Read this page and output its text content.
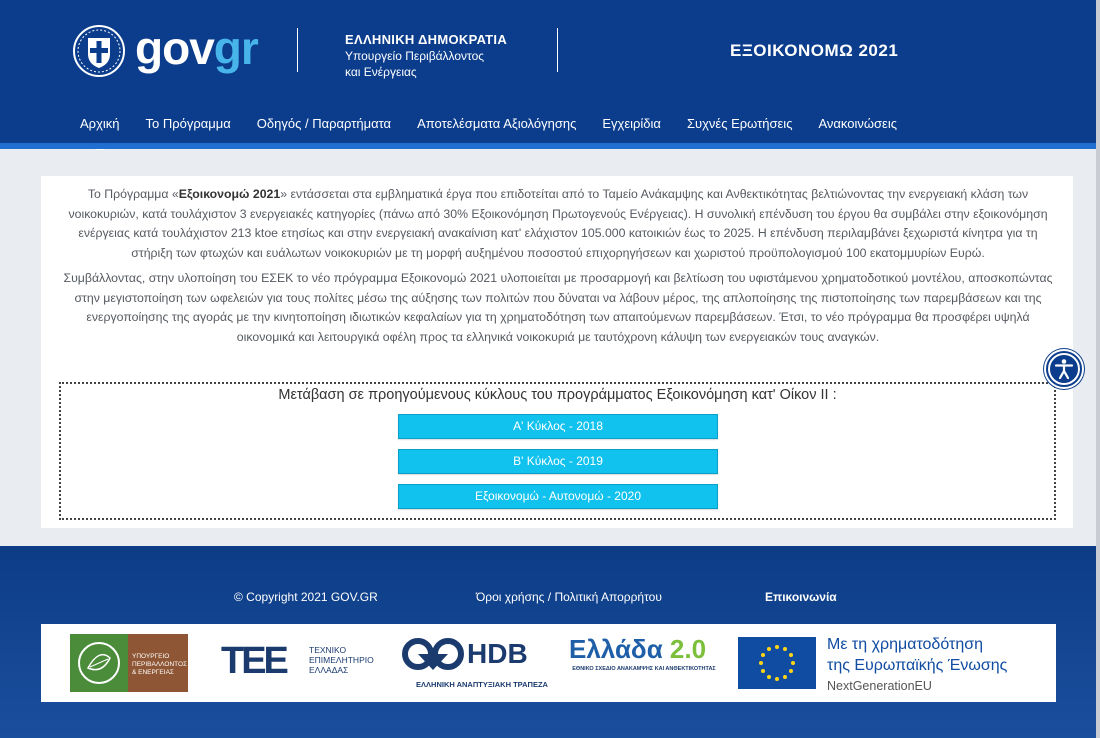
govgr	ΕΛΛΗΝΙΚΗ ΔΗΜΟΚΡΑΤΙΑ
Υπουργείο Περιβάλλοντος
και Ενέργειας
ΕΞΟΙΚΟΝΟΜΩ 2021
Αρχική	Το Πρόγραμμα	Οδηγός / Παραρτήματα	Αποτελέσματα Αξιολόγησης	Εγχειρίδια	Συχνές Ερωτήσεις	Ανακοινώσεις

Το Πρόγραμμα «Εξοικονομώ 2021» εντάσσεται στα εμβληματικά έργα που επιδοτείται από το Ταμείο Ανάκαμψης και Ανθεκτικότητας βελτιώνοντας την ενεργειακή κλάση των νοικοκυριών, κατά τουλάχιστον 3 ενεργειακές κατηγορίες (πάνω από 30% Εξοικονόμηση Πρωτογενούς Ενέργειας). Η συνολική επένδυση του έργου θα συμβάλει στην εξοικονόμηση ενέργειας κατά τουλάχιστον 213 ktoe ετησίως και στην ενεργειακή ανακαίνιση κατ' ελάχιστον 105.000 κατοικιών έως το 2025. Η επένδυση περιλαμβάνει ξεχωριστά κίνητρα για τη στήριξη των φτωχών και ευάλωτων νοικοκυριών με τη μορφή αυξημένου ποσοστού επιχορηγήσεων και χωριστού προϋπολογισμού 100 εκατομμυρίων Ευρώ.

Συμβάλλοντας, στην υλοποίηση του ΕΣΕΚ το νέο πρόγραμμα Εξοικονομώ 2021 υλοποιείται με προσαρμογή και βελτίωση του υφιστάμενου χρηματοδοτικού μοντέλου, αποσκοπώντας στην μεγιστοποίηση των ωφελειών για τους πολίτες μέσω της αύξησης των πολιτών που δύναται να λάβουν μέρος, της απλοποίησης της πιστοποίησης των παρεμβάσεων και της ενεργοποίησης της αγοράς με την κινητοποίηση ιδιωτικών κεφαλαίων για τη χρηματοδότηση των απαιτούμενων παρεμβάσεων. Έτσι, το νέο πρόγραμμα θα προσφέρει υψηλά οικονομικά και λειτουργικά οφέλη προς τα ελληνικά νοικοκυριά με ταυτόχρονη κάλυψη των ενεργειακών τους αναγκών.

Μετάβαση σε προηγούμενους κύκλους του προγράμματος Εξοικονόμηση κατ' Οίκον ΙΙ :
Α' Κύκλος - 2018
Β' Κύκλος - 2019
Εξοικονομώ - Αυτονομώ - 2020
© Copyright 2021 GOV.GR	Όροι χρήσης / Πολιτική Απορρήτου	Επικοινωνία
ΥΠΟΥΡΓΕΙΟ ΠΕΡΙΒΑΛΛΟΝΤΟΣ & ΕΝΕΡΓΕΙΑΣ	ΤΕΕ	ΤΕΧΝΙΚΟ ΕΠΙΜΕΛΗΤΗΡΙΟ ΕΛΛΑΔΑΣ
HDB
ΕΛΛΗΝΙΚΗ ΑΝΑΠΤΥΞΙΑΚΗ ΤΡΑΠΕΖΑ
Ελλάδα 2.0
ΕΘΝΙΚΟ ΣΧΕΔΙΟ ΑΝΑΚΑΜΨΗΣ ΚΑΙ ΑΝΘΕΚΤΙΚΟΤΗΤΑΣ
Με τη χρηματοδότηση
της Ευρωπαϊκής Ένωσης
NextGenerationEU
